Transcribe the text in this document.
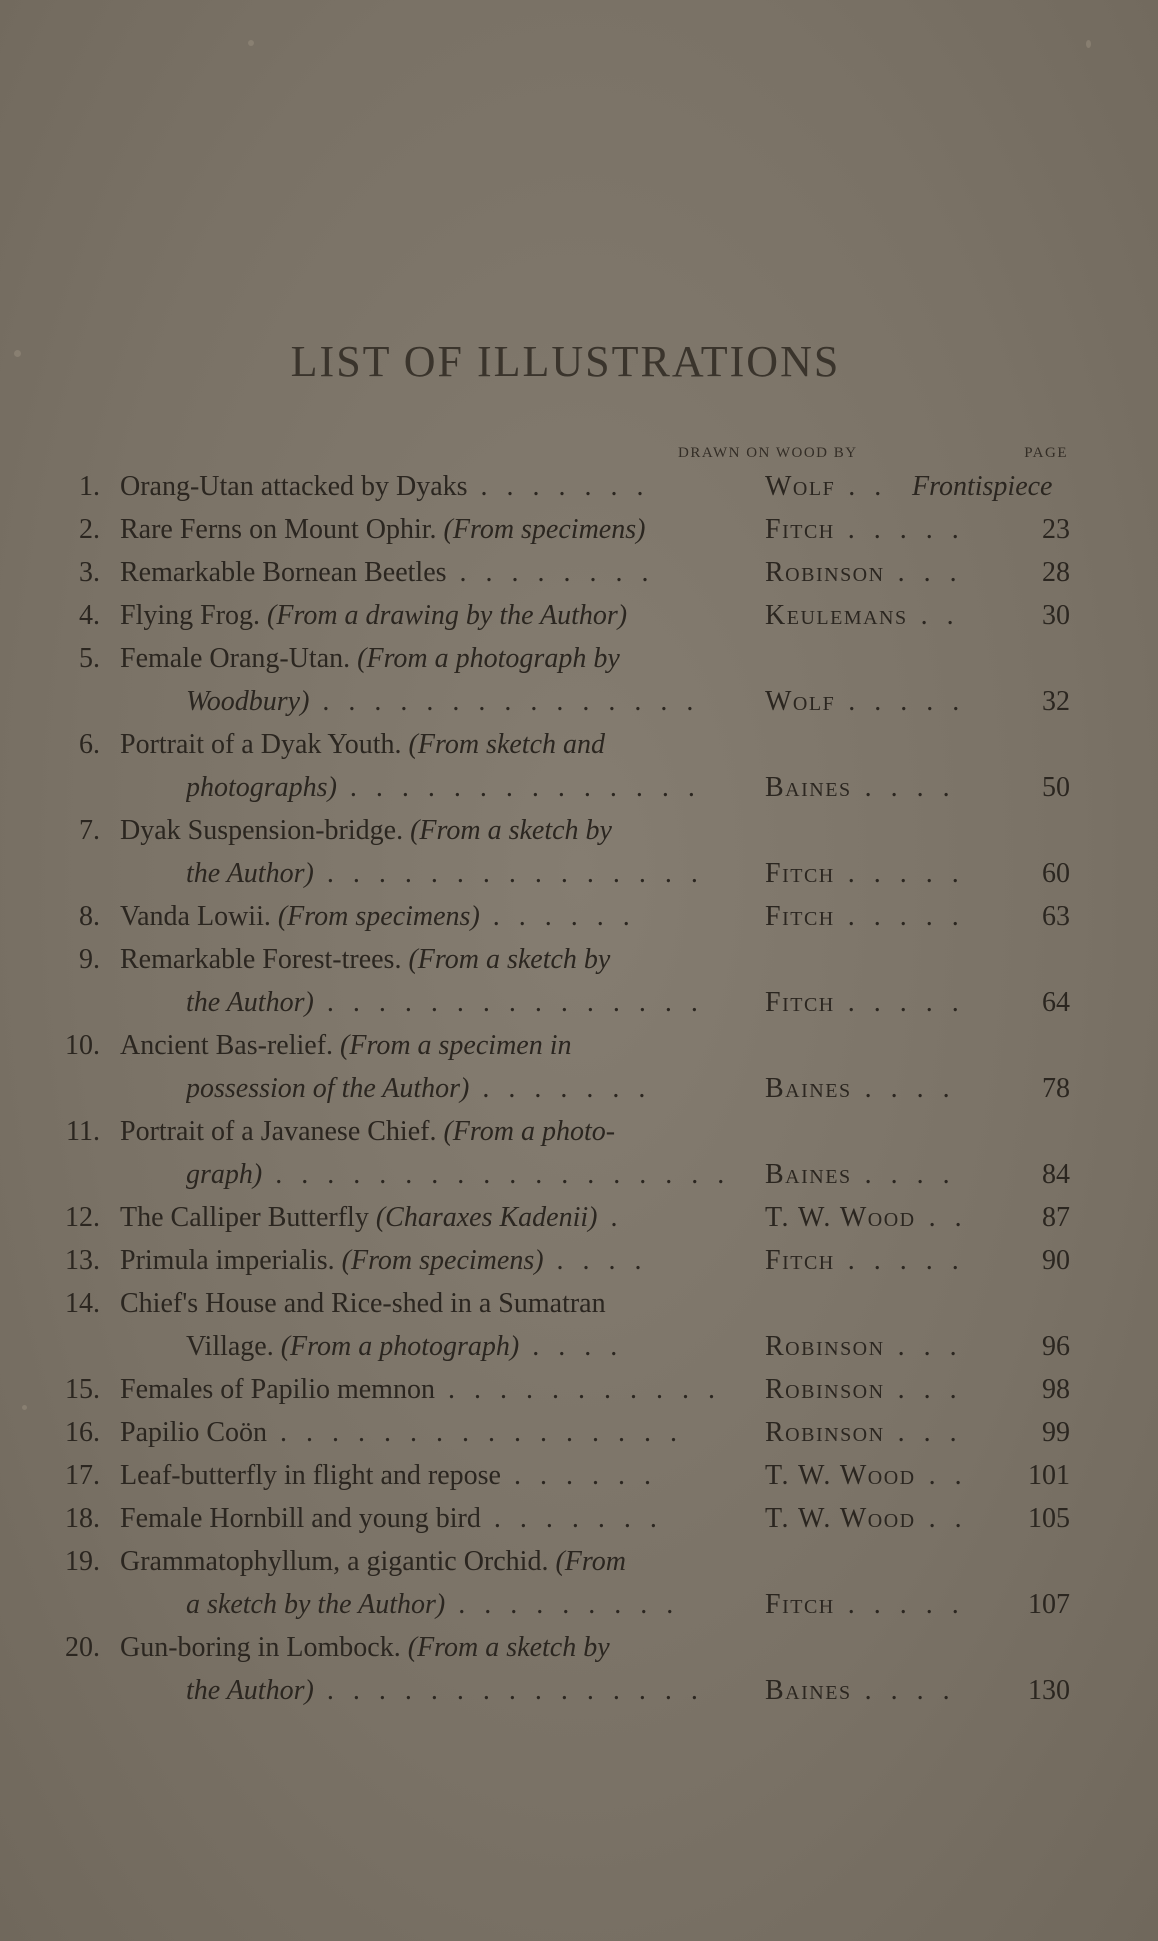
LIST OF ILLUSTRATIONS
DRAWN ON WOOD BY	PAGE
1. Orang-Utan attacked by Dyaks . . . . . . .	Wolf . . Frontispiece
2. Rare Ferns on Mount Ophir. (From specimens)	Fitch . . . . .	23
3. Remarkable Bornean Beetles . . . . . . . .	Robinson . . .	28
4. Flying Frog. (From a drawing by the Author)	Keulemans . .	30
5. Female Orang-Utan. (From a photograph by
Woodbury) . . . . . . . . . . . . . . .	Wolf . . . . .	32
6. Portrait of a Dyak Youth. (From sketch and
photographs) . . . . . . . . . . . . . .	Baines . . . .	50
7. Dyak Suspension-bridge. (From a sketch by
the Author) . . . . . . . . . . . . . . .	Fitch . . . . .	60
8. Vanda Lowii. (From specimens) . . . . . .	Fitch . . . . .	63
9. Remarkable Forest-trees. (From a sketch by
the Author) . . . . . . . . . . . . . . .	Fitch . . . . .	64
10. Ancient Bas-relief. (From a specimen in
possession of the Author) . . . . . . .	Baines . . . .	78
11. Portrait of a Javanese Chief. (From a photo-
graph) . . . . . . . . . . . . . . . . . . Baines . . . .	84
12. The Calliper Butterfly (Charaxes Kadenii) .	T. W. Wood . .	87
13. Primula imperialis. (From specimens) . . . .	Fitch . . . . .	90
14. Chief's House and Rice-shed in a Sumatran
Village. (From a photograph) . . . .	Robinson . . .	96
15. Females of Papilio memnon . . . . . . . . . . .	Robinson . . .	98
16. Papilio Coön . . . . . . . . . . . . . . . .	Robinson . . .	99
17. Leaf-butterfly in flight and repose . . . . . .	T. W. Wood . .	101
18. Female Hornbill and young bird . . . . . . .	T. W. Wood . .	105
19. Grammatophyllum, a gigantic Orchid. (From
a sketch by the Author) . . . . . . . . .	Fitch . . . . .	107
20. Gun-boring in Lombock. (From a sketch by
the Author) . . . . . . . . . . . . . . .	Baines . . . .	130
